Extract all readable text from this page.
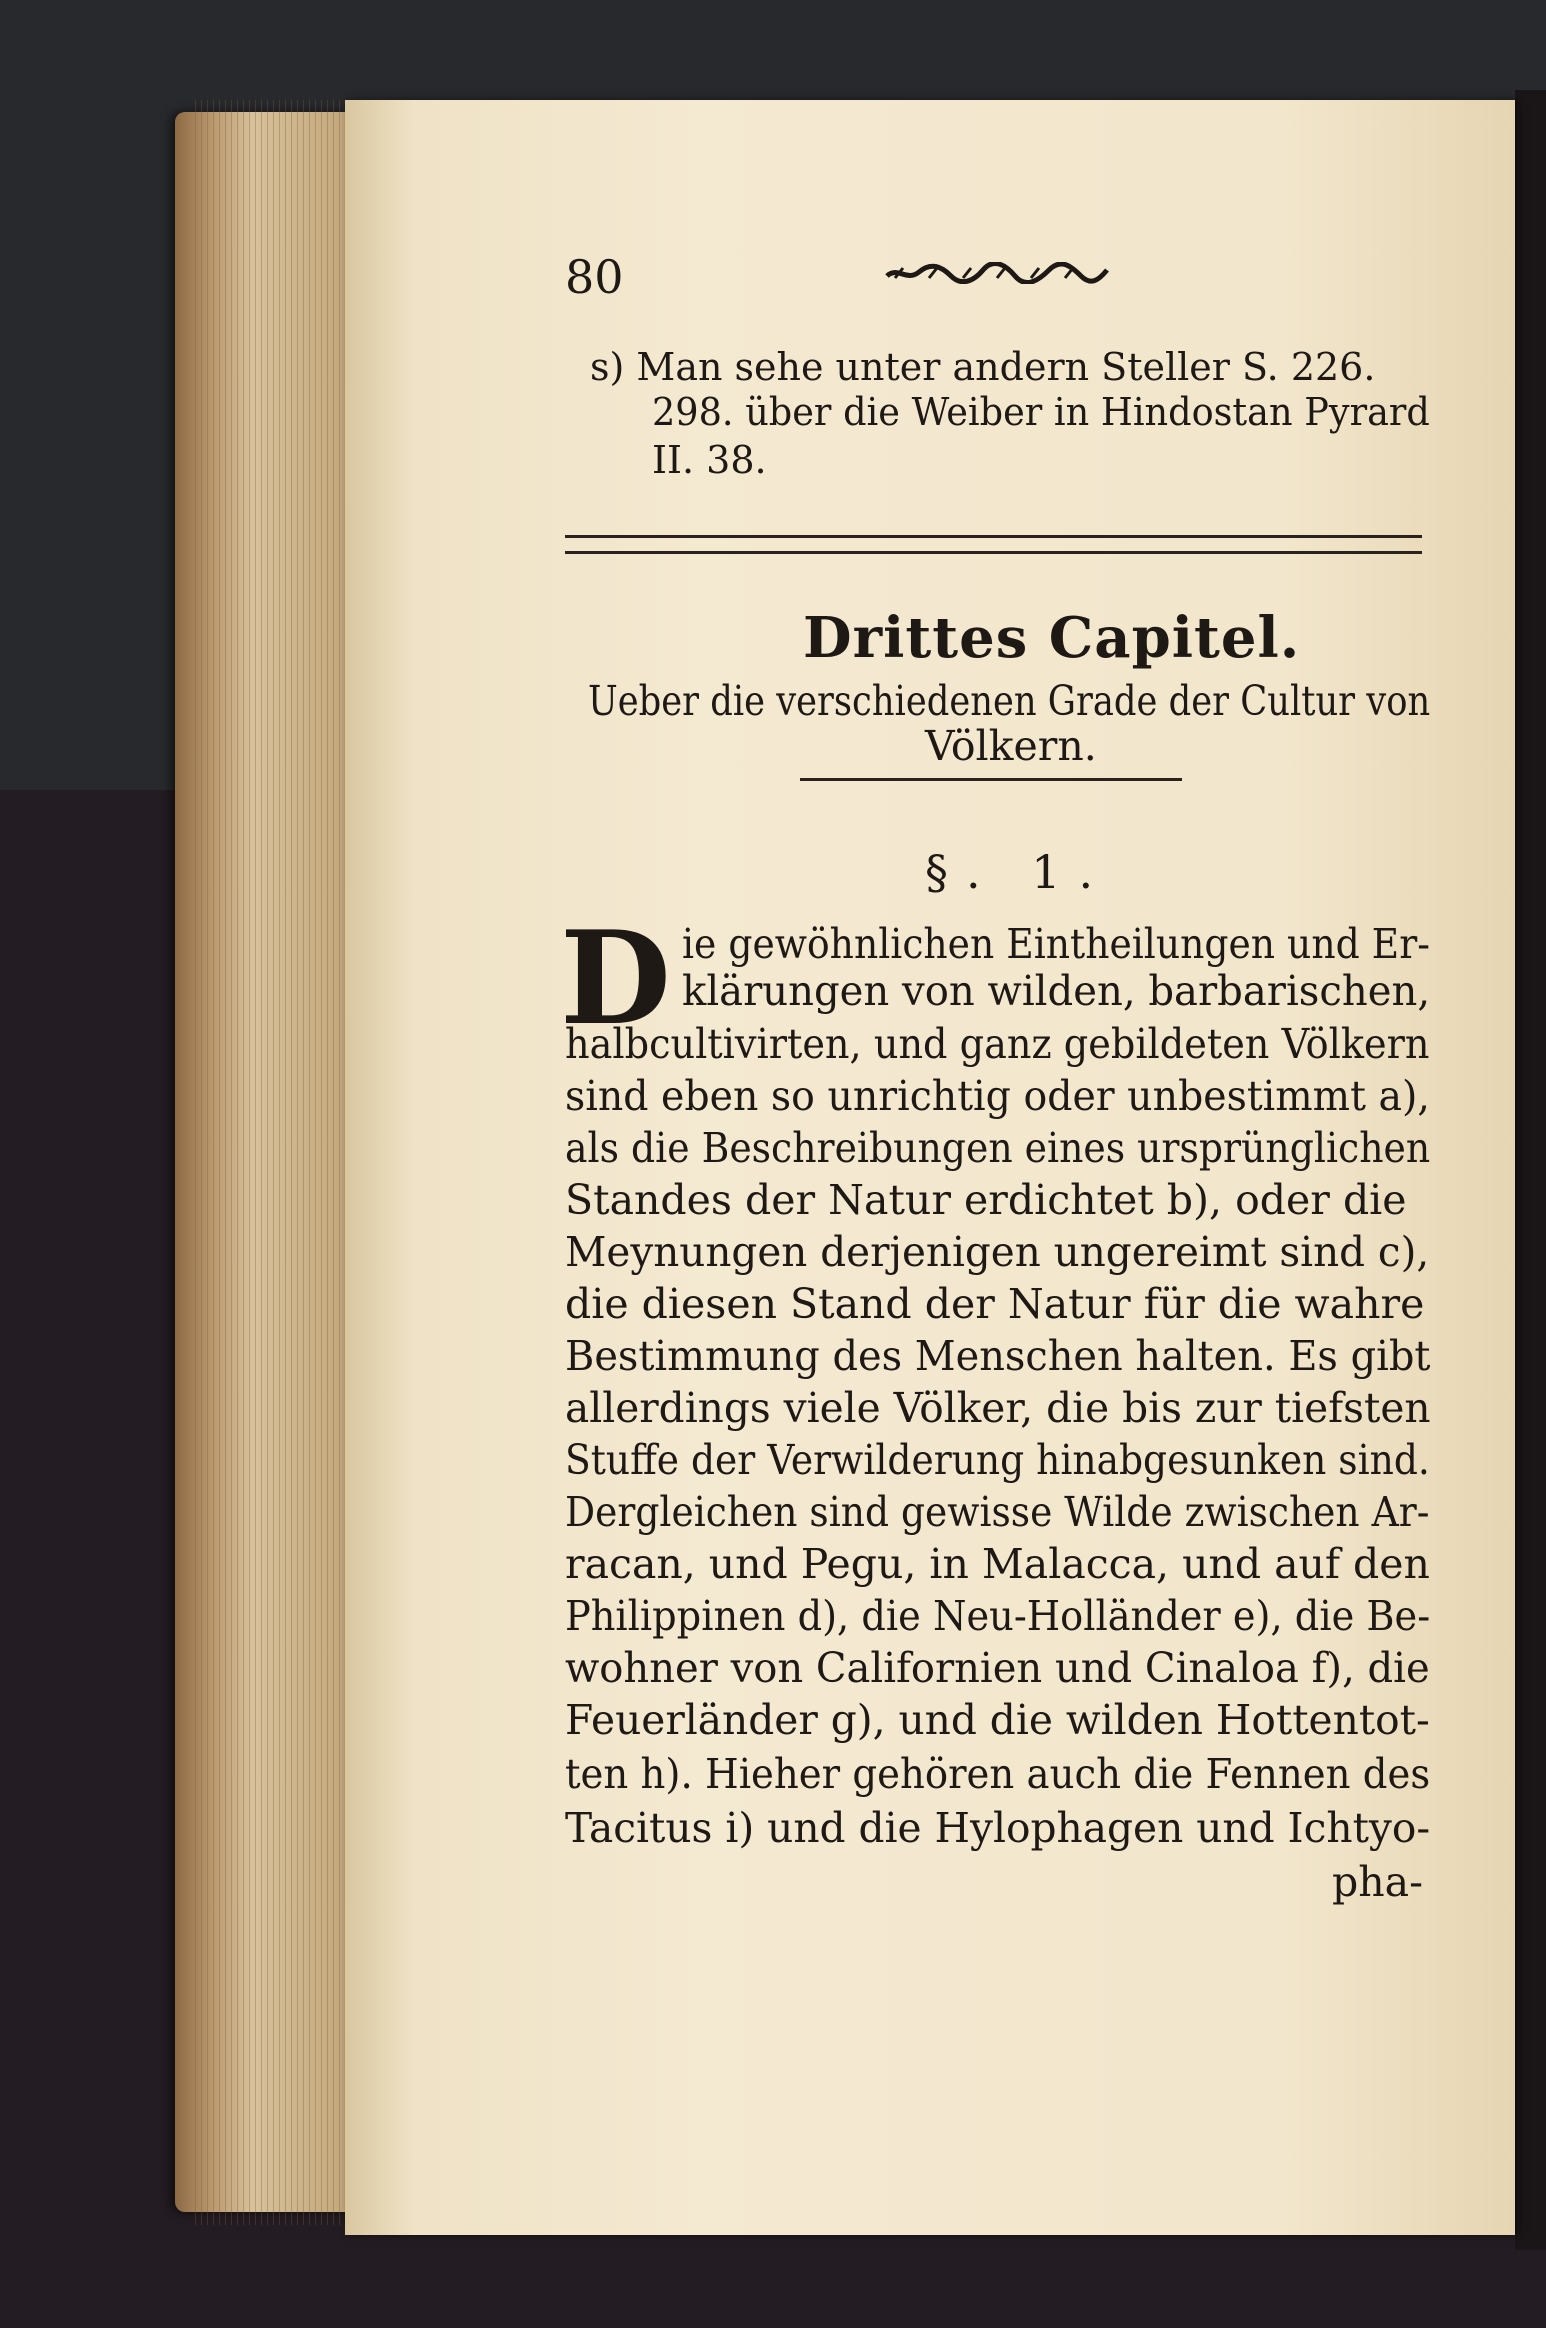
80
s) Man sehe unter andern Steller S. 226.
298. über die Weiber in Hindostan Pyrard
II. 38.
Drittes Capitel.
Ueber die verschiedenen Grade der Cultur von
Völkern.
§. 1.
D ie gewöhnlichen Eintheilungen und Er-
klärungen von wilden, barbarischen,
halbcultivirten, und ganz gebildeten Völkern
sind eben so unrichtig oder unbestimmt a),
als die Beschreibungen eines ursprünglichen
Standes der Natur erdichtet b), oder die
Meynungen derjenigen ungereimt sind c),
die diesen Stand der Natur für die wahre
Bestimmung des Menschen halten. Es gibt
allerdings viele Völker, die bis zur tiefsten
Stuffe der Verwilderung hinabgesunken sind.
Dergleichen sind gewisse Wilde zwischen Ar-
racan, und Pegu, in Malacca, und auf den
Philippinen d), die Neu-Holländer e), die Be-
wohner von Californien und Cinaloa f), die
Feuerländer g), und die wilden Hottentot-
ten h). Hieher gehören auch die Fennen des
Tacitus i) und die Hylophagen und Ichtyo-
pha-
